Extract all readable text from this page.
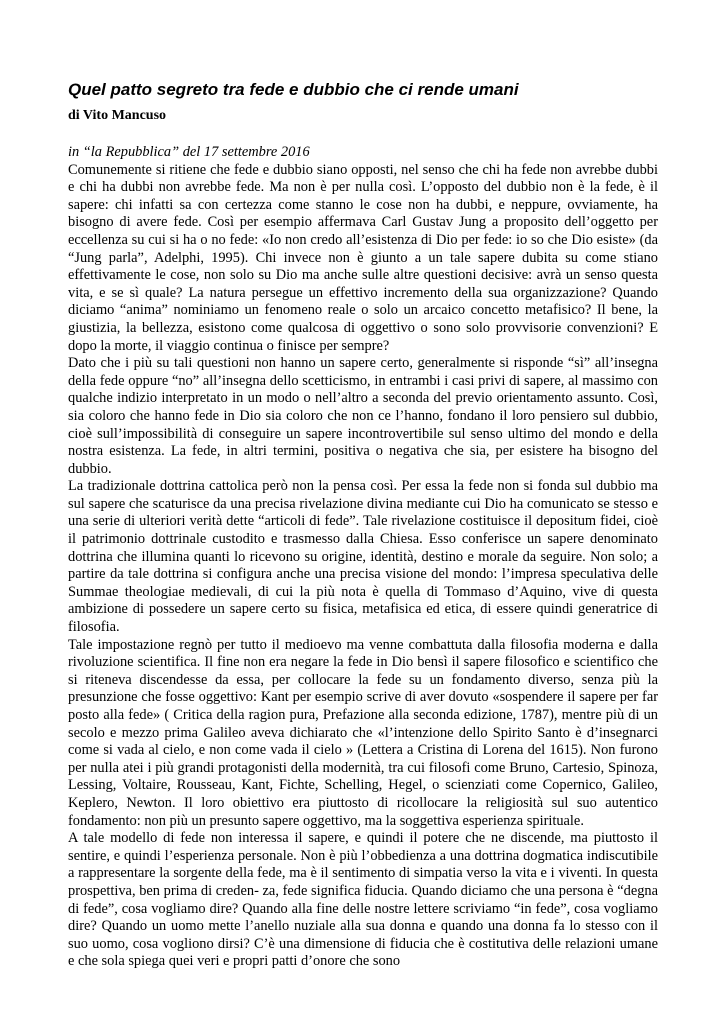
Quel patto segreto tra fede e dubbio che ci rende umani
di Vito Mancuso
in “la Repubblica” del 17 settembre 2016

Comunemente si ritiene che fede e dubbio siano opposti, nel senso che chi ha fede non avrebbe dubbi e chi ha dubbi non avrebbe fede. Ma non è per nulla così. L’opposto del dubbio non è la fede, è il sapere: chi infatti sa con certezza come stanno le cose non ha dubbi, e neppure, ovviamente, ha bisogno di avere fede. Così per esempio affermava Carl Gustav Jung a proposito dell’oggetto per eccellenza su cui si ha o no fede: «Io non credo all’esistenza di Dio per fede: io so che Dio esiste» (da “Jung parla”, Adelphi, 1995). Chi invece non è giunto a un tale sapere dubita su come stiano effettivamente le cose, non solo su Dio ma anche sulle altre questioni decisive: avrà un senso questa vita, e se sì quale? La natura persegue un effettivo incremento della sua organizzazione? Quando diciamo “anima” nominiamo un fenomeno reale o solo un arcaico concetto metafisico? Il bene, la giustizia, la bellezza, esistono come qualcosa di oggettivo o sono solo provvisorie convenzioni? E dopo la morte, il viaggio continua o finisce per sempre?

Dato che i più su tali questioni non hanno un sapere certo, generalmente si risponde “sì” all’insegna della fede oppure “no” all’insegna dello scetticismo, in entrambi i casi privi di sapere, al massimo con qualche indizio interpretato in un modo o nell’altro a seconda del previo orientamento assunto. Così, sia coloro che hanno fede in Dio sia coloro che non ce l’hanno, fondano il loro pensiero sul dubbio, cioè sull’impossibilità di conseguire un sapere incontrovertibile sul senso ultimo del mondo e della nostra esistenza. La fede, in altri termini, positiva o negativa che sia, per esistere ha bisogno del dubbio.

La tradizionale dottrina cattolica però non la pensa così. Per essa la fede non si fonda sul dubbio ma sul sapere che scaturisce da una precisa rivelazione divina mediante cui Dio ha comunicato se stesso e una serie di ulteriori verità dette “articoli di fede”. Tale rivelazione costituisce il depositum fidei, cioè il patrimonio dottrinale custodito e trasmesso dalla Chiesa. Esso conferisce un sapere denominato dottrina che illumina quanti lo ricevono su origine, identità, destino e morale da seguire. Non solo; a partire da tale dottrina si configura anche una precisa visione del mondo: l’impresa speculativa delle Summae theologiae medievali, di cui la più nota è quella di Tommaso d’Aquino, vive di questa ambizione di possedere un sapere certo su fisica, metafisica ed etica, di essere quindi generatrice di filosofia.

Tale impostazione regnò per tutto il medioevo ma venne combattuta dalla filosofia moderna e dalla rivoluzione scientifica. Il fine non era negare la fede in Dio bensì il sapere filosofico e scientifico che si riteneva discendesse da essa, per collocare la fede su un fondamento diverso, senza più la presunzione che fosse oggettivo: Kant per esempio scrive di aver dovuto «sospendere il sapere per far posto alla fede» ( Critica della ragion pura, Prefazione alla seconda edizione, 1787), mentre più di un secolo e mezzo prima Galileo aveva dichiarato che «l’intenzione dello Spirito Santo è d’insegnarci come si vada al cielo, e non come vada il cielo » (Lettera a Cristina di Lorena del 1615). Non furono per nulla atei i più grandi protagonisti della modernità, tra cui filosofi come Bruno, Cartesio, Spinoza, Lessing, Voltaire, Rousseau, Kant, Fichte, Schelling, Hegel, o scienziati come Copernico, Galileo, Keplero, Newton. Il loro obiettivo era piuttosto di ricollocare la religiosità sul suo autentico fondamento: non più un presunto sapere oggettivo, ma la soggettiva esperienza spirituale.

A tale modello di fede non interessa il sapere, e quindi il potere che ne discende, ma piuttosto il sentire, e quindi l’esperienza personale. Non è più l’obbedienza a una dottrina dogmatica indiscutibile a rappresentare la sorgente della fede, ma è il sentimento di simpatia verso la vita e i viventi. In questa prospettiva, ben prima di creden- za, fede significa fiducia. Quando diciamo che una persona è “degna di fede”, cosa vogliamo dire? Quando alla fine delle nostre lettere scriviamo “in fede”, cosa vogliamo dire? Quando un uomo mette l’anello nuziale alla sua donna e quando una donna fa lo stesso con il suo uomo, cosa vogliono dirsi? C’è una dimensione di fiducia che è costitutiva delle relazioni umane e che sola spiega quei veri e propri patti d’onore che sono
